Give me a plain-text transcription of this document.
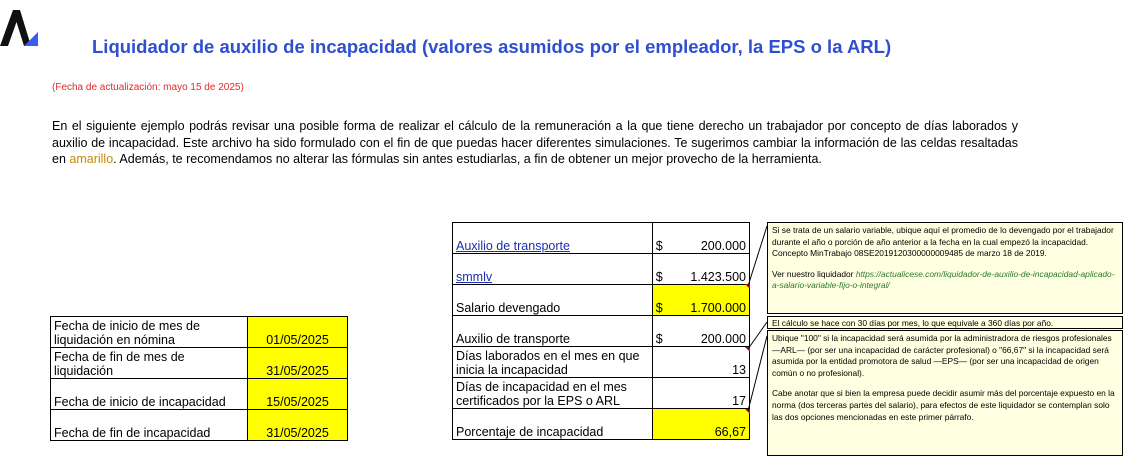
Liquidador de auxilio de incapacidad (valores asumidos por el empleador, la EPS o la ARL)
(Fecha de actualización: mayo 15 de 2025)
En el siguiente ejemplo podrás revisar una posible forma de realizar el cálculo de la remuneración a la que tiene derecho un trabajador por concepto de días laborados y auxilio de incapacidad. Este archivo ha sido formulado con el fin de que puedas hacer diferentes simulaciones. Te sugerimos cambiar la información de las celdas resaltadas en amarillo. Además, te recomendamos no alterar las fórmulas sin antes estudiarlas, a fin de obtener un mejor provecho de la herramienta.
Fecha de inicio de mes de liquidación en nómina	01/05/2025
Fecha de fin de mes de liquidación	31/05/2025
Fecha de inicio de incapacidad	15/05/2025
Fecha de fin de incapacidad	31/05/2025
Auxilio de transporte	$	200.000
smmlv	$	1.423.500
Salario devengado	$	1.700.000
Auxilio de transporte	$	200.000
Días laborados en el mes en que inicia la incapacidad		13
Días de incapacidad en el mes certificados por la EPS o ARL		17
Porcentaje de incapacidad		66,67
Si se trata de un salario variable, ubique aquí el promedio de lo devengado por el trabajador durante el año o porción de año anterior a la fecha en la cual empezó la incapacidad. Concepto MinTrabajo 08SE2019120300000009485 de marzo 18 de 2019.
Ver nuestro liquidador https://actualicese.com/liquidador-de-auxilio-de-incapacidad-aplicado-a-salario-variable-fijo-o-integral/
El cálculo se hace con 30 días por mes, lo que equivale a 360 días por año.
Ubique "100" si la incapacidad será asumida por la administradora de riesgos profesionales —ARL— (por ser una incapacidad de carácter profesional) o "66,67" si la incapacidad será asumida por la entidad promotora de salud —EPS— (por ser una incapacidad de origen común o no profesional).
Cabe anotar que si bien la empresa puede decidir asumir más del porcentaje expuesto en la norma (dos terceras partes del salario), para efectos de este liquidador se contemplan solo las dos opciones mencionadas en este primer párrafo.
